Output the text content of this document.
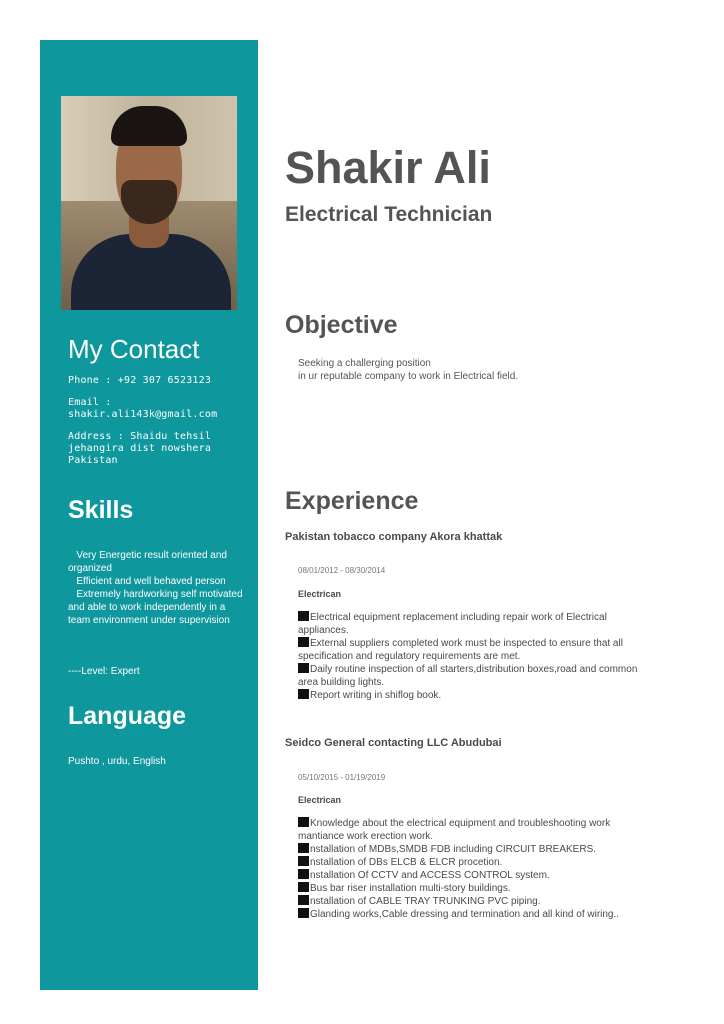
My Contact
Phone : +92 307 6523123
Email : shakir.ali143k@gmail.com
Address : Shaidu tehsil jehangira dist nowshera Pakistan
Skills
Very Energetic result oriented and organized
Efficient and well behaved person
Extremely hardworking self motivated and able to work independently in a team environment under supervision
----Level: Expert
Language
Pushto , urdu, English
Shakir Ali
Electrical Technician
Objective
Seeking a challerging position
in ur reputable company to work in Electrical field.
Experience
Pakistan tobacco company Akora khattak
08/01/2012 - 08/30/2014
Electrican
Electrical equipment replacement including repair work of Electrical appliances.
External suppliers completed work must be inspected to ensure that all specification and regulatory requirements are met.
Daily routine inspection of all starters,distribution boxes,road and common area building lights.
Report writing in shiflog book.
Seidco General contacting LLC Abudubai
05/10/2015 - 01/19/2019
Electrican
Knowledge about the electrical equipment and troubleshooting work mantiance work erection work.
nstallation of MDBs,SMDB FDB including CIRCUIT BREAKERS.
nstallation of DBs ELCB & ELCR procetion.
nstallation Of CCTV and ACCESS CONTROL system.
Bus bar riser installation multi-story buildings.
nstallation of CABLE TRAY TRUNKING PVC piping.
Glanding works,Cable dressing and termination and all kind of wiring..
